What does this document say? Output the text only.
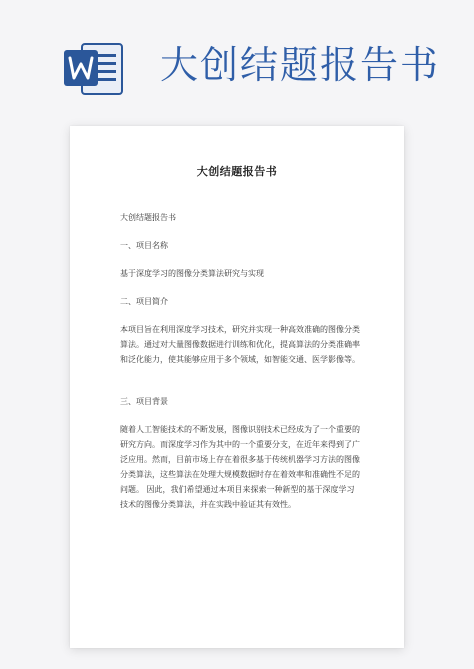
大创结题报告书
大创结题报告书
大创结题报告书
一、项目名称
基于深度学习的图像分类算法研究与实现
二、项目简介
本项目旨在利用深度学习技术，研究并实现一种高效准确的图像分类算法。通过对大量图像数据进行训练和优化，提高算法的分类准确率和泛化能力，使其能够应用于多个领域，如智能交通、医学影像等。
三、项目背景
随着人工智能技术的不断发展，图像识别技术已经成为了一个重要的研究方向。而深度学习作为其中的一个重要分支，在近年来得到了广泛应用。然而，目前市场上存在着很多基于传统机器学习方法的图像分类算法，这些算法在处理大规模数据时存在着效率和准确性不足的问题。 因此，我们希望通过本项目来探索一种新型的基于深度学习技术的图像分类算法，并在实践中验证其有效性。
